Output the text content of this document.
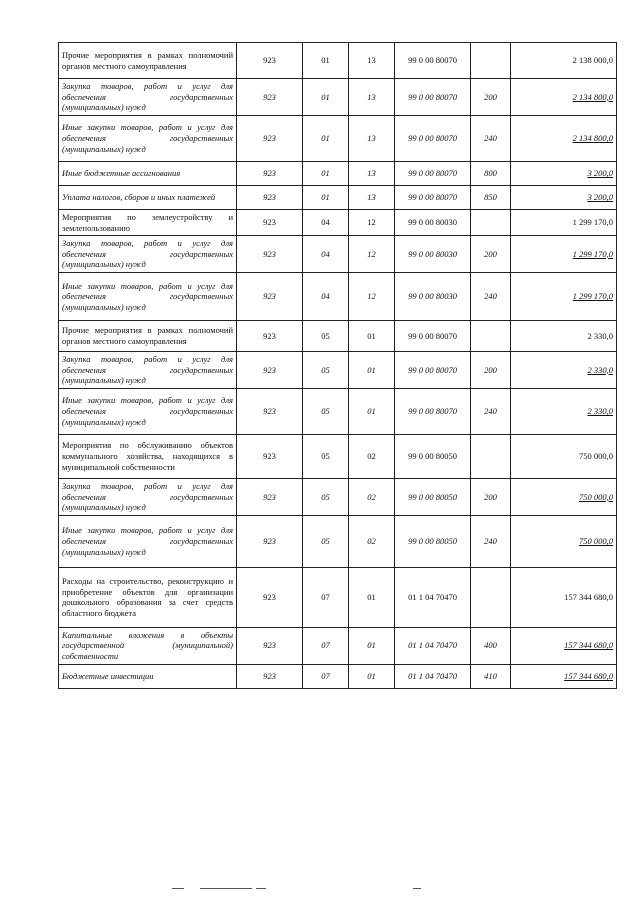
Прочие мероприятия в рамках полномочий органов местного самоуправления	923	01	13	99 0 00 80070		2 138 000,0
Закупка товаров, работ и услуг для обеспечения государственных (муниципальных) нужд	923	01	13	99 0 00 80070	200	2 134 800,0
Иные закупки товаров, работ и услуг для обеспечения государственных (муниципальных) нужд	923	01	13	99 0 00 80070	240	2 134 800,0
Иные бюджетные ассигнования	923	01	13	99 0 00 80070	800	3 200,0
Уплата налогов, сборов и иных платежей	923	01	13	99 0 00 80070	850	3 200,0
Мероприятия по землеустройству и землепользованию	923	04	12	99 0 00 80030		1 299 170,0
Закупка товаров, работ и услуг для обеспечения государственных (муниципальных) нужд	923	04	12	99 0 00 80030	200	1 299 170,0
Иные закупки товаров, работ и услуг для обеспечения государственных (муниципальных) нужд	923	04	12	99 0 00 80030	240	1 299 170,0
Прочие мероприятия в рамках полномочий органов местного самоуправления	923	05	01	99 0 00 80070		2 330,0
Закупка товаров, работ и услуг для обеспечения государственных (муниципальных) нужд	923	05	01	99 0 00 80070	200	2 330,0
Иные закупки товаров, работ и услуг для обеспечения государственных (муниципальных) нужд	923	05	01	99 0 00 80070	240	2 330,0
Мероприятия по обслуживанию объектов коммунального хозяйства, находящихся в муниципальной собственности	923	05	02	99 0 00 80050		750 000,0
Закупка товаров, работ и услуг для обеспечения государственных (муниципальных) нужд	923	05	02	99 0 00 80050	200	750 000,0
Иные закупки товаров, работ и услуг для обеспечения государственных (муниципальных) нужд	923	05	02	99 0 00 80050	240	750 000,0
Расходы на строительство, реконструкцию и приобретение объектов для организации дошкольного образования за счет средств областного бюджета	923	07	01	01 1 04 70470		157 344 680,0
Капитальные вложения в объекты государственной (муниципальной) собственности	923	07	01	01 1 04 70470	400	157 344 680,0
Бюджетные инвестиции	923	07	01	01 1 04 70470	410	157 344 680,0
